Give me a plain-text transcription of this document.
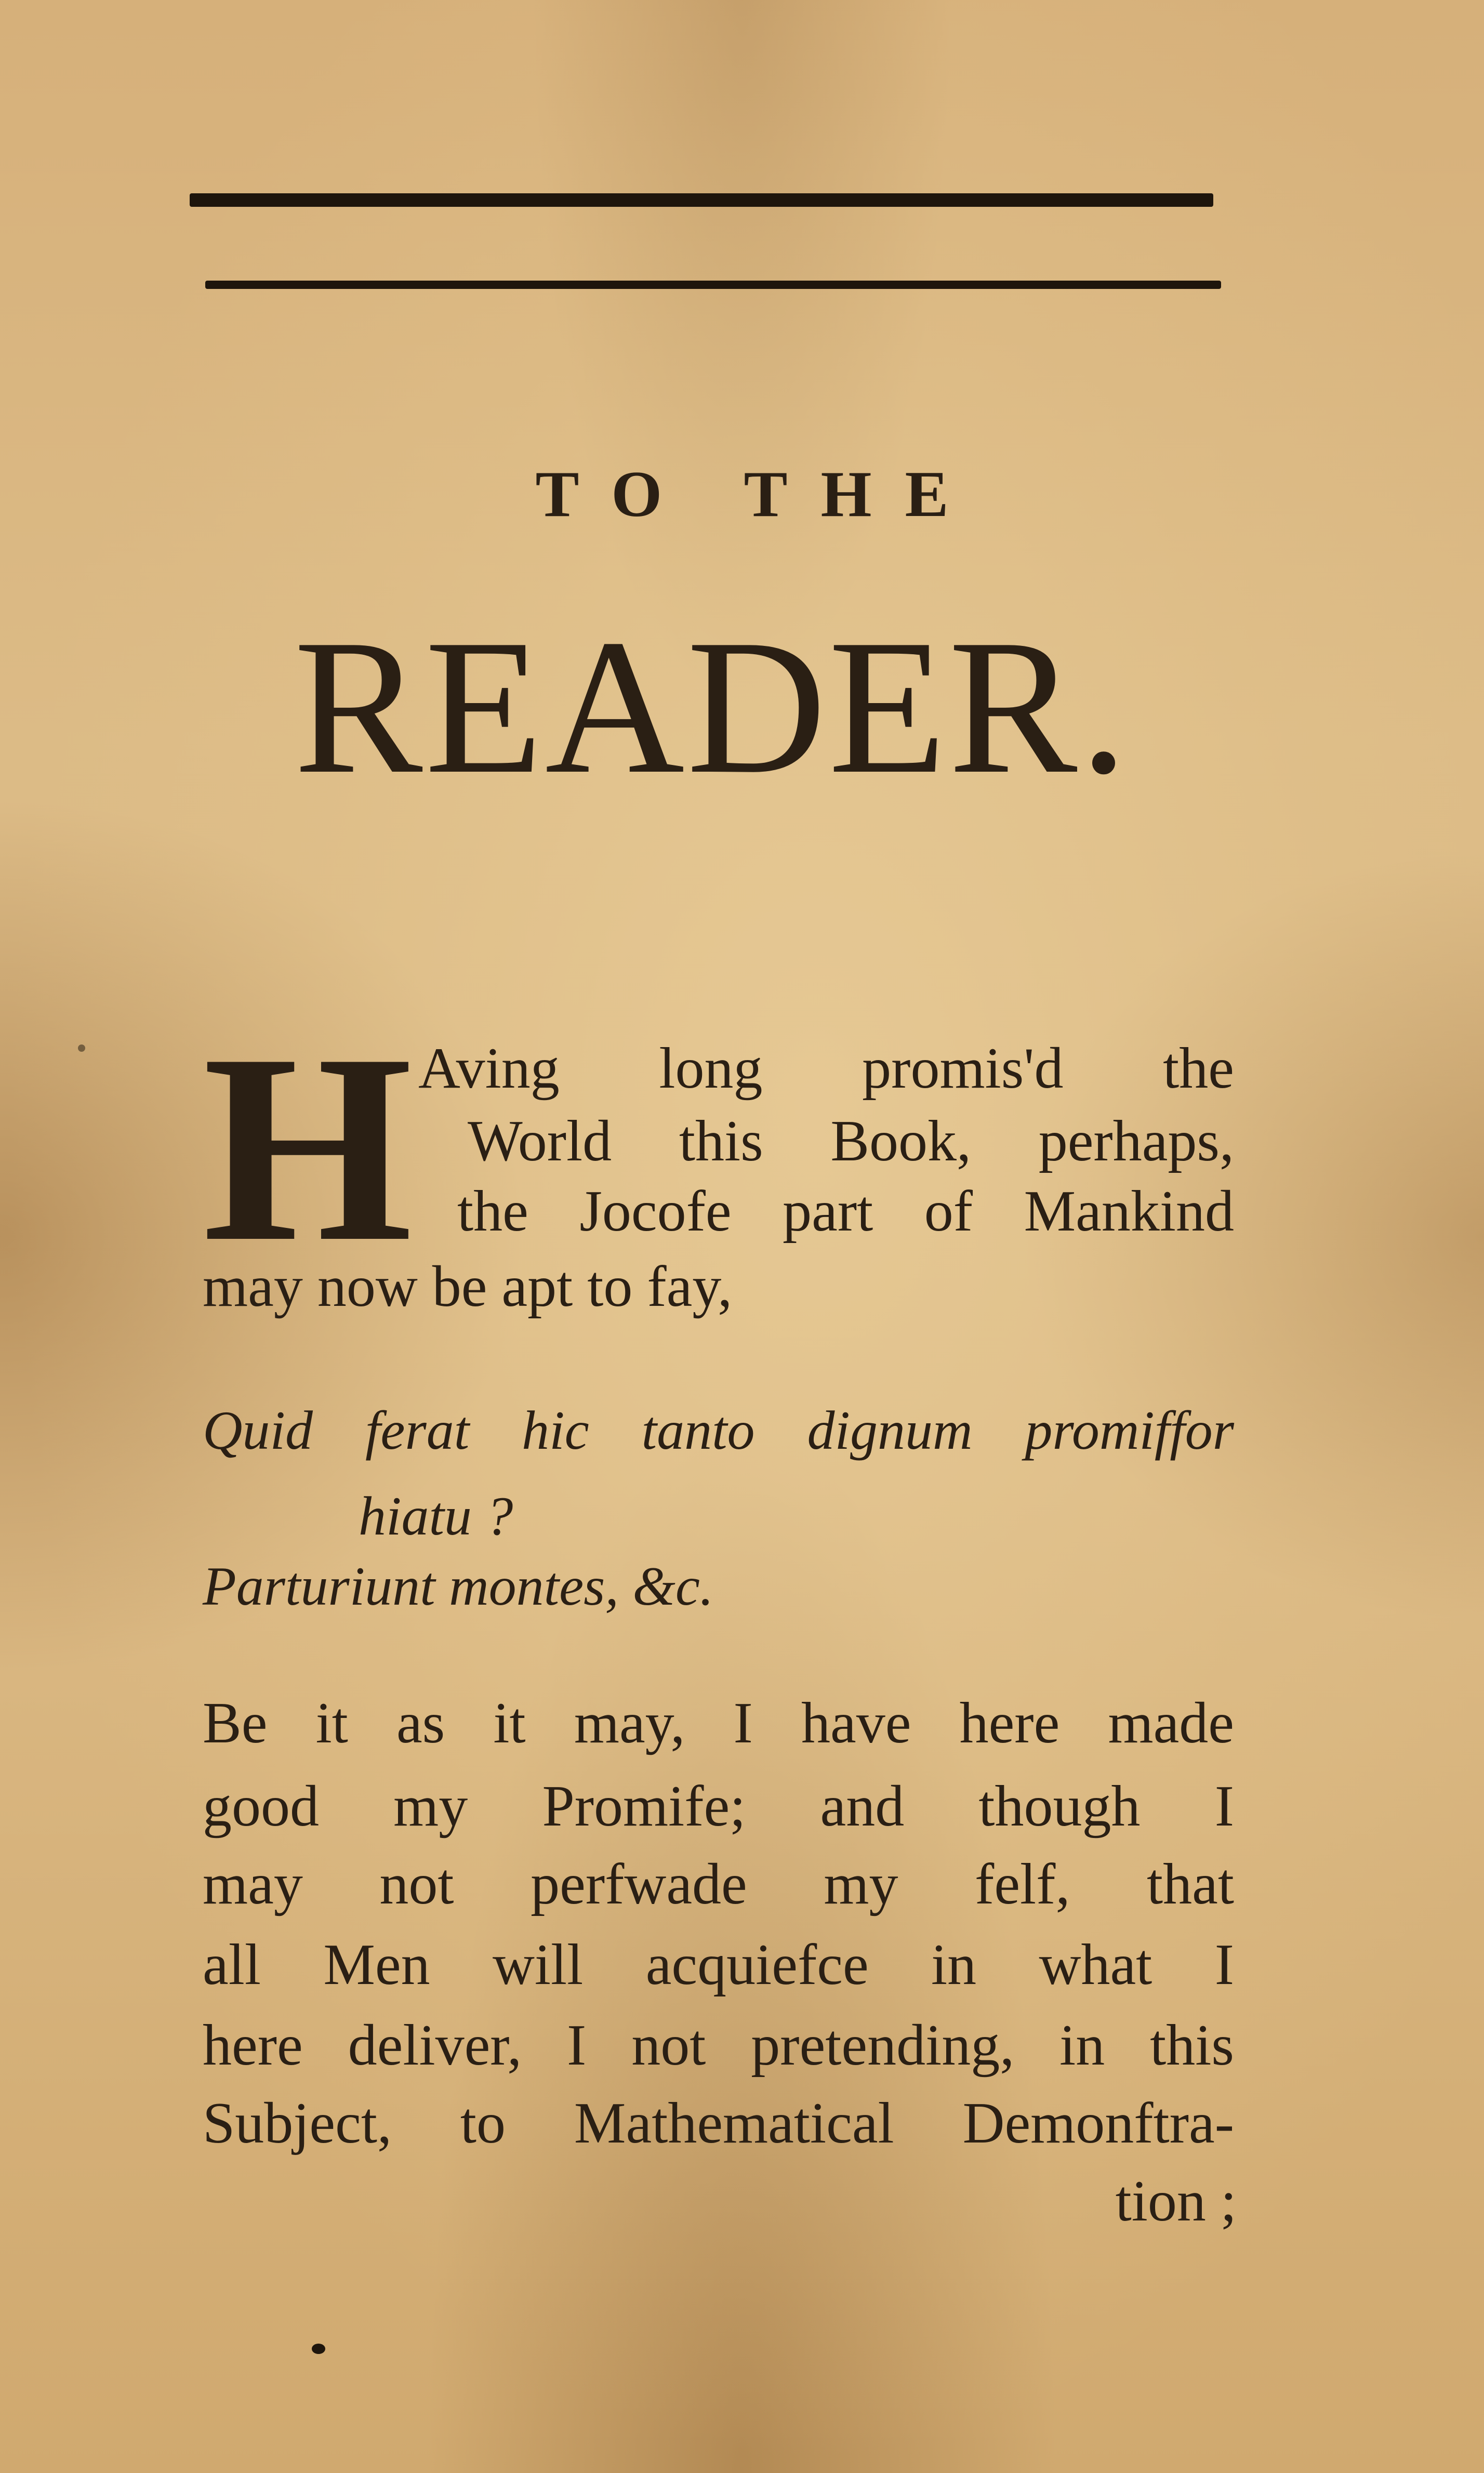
TO THE
READER.
H Aving long promis'd the
World this Book, perhaps,
the Jocofe part of Mankind
may now be apt to fay,
Quid ferat hic tanto dignum promiffor
hiatu ?
Parturiunt montes, &c.
Be it as it may, I have here made
good my Promife; and though I
may not perfwade my felf, that
all Men will acquiefce in what I
here deliver, I not pretending, in this
Subject, to Mathematical Demonftra-
tion ;
